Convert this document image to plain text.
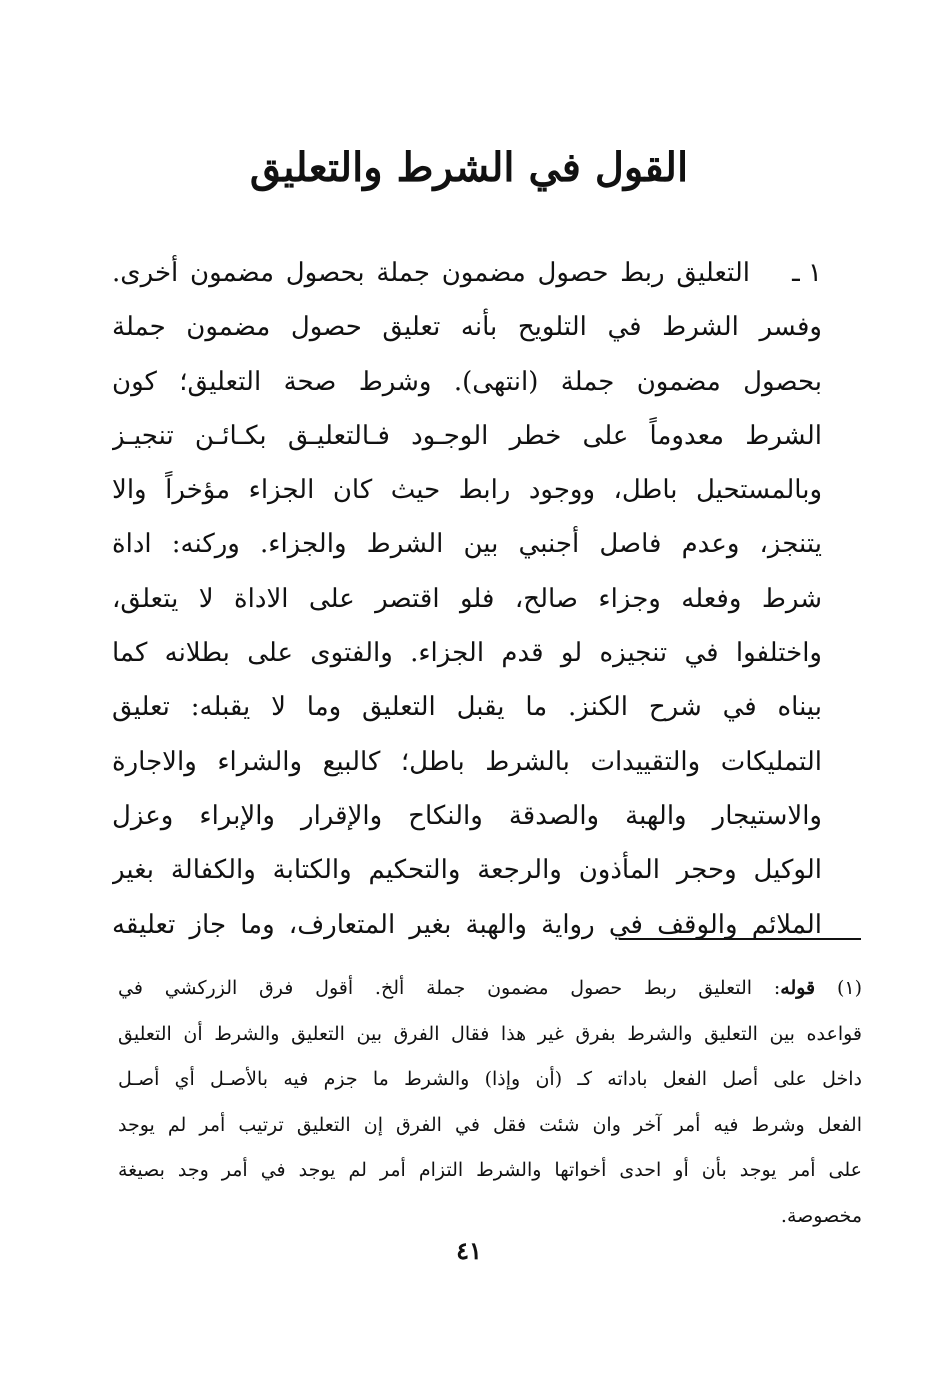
القول في الشرط والتعليق
١ ـ
التعليق ربط حصول مضمون جملة بحصول مضمون أخرى.
وفسر الشرط في التلويح بأنه تعليق حصول مضمون جملة
بحصول مضمون جملة (انتهى). وشرط صحة التعليق؛ كون
الشرط معدوماً على خطر الوجـود فـالتعليـق بكـائـن تنجيـز
وبالمستحيل باطل، ووجود رابط حيث كان الجزاء مؤخراً والا
يتنجز، وعدم فاصل أجنبي بين الشرط والجزاء. وركنه: اداة
شرط وفعله وجزاء صالح، فلو اقتصر على الاداة لا يتعلق،
واختلفوا في تنجيزه لو قدم الجزاء. والفتوى على بطلانه كما
بيناه في شرح الكنز. ما يقبل التعليق وما لا يقبله: تعليق
التمليكات والتقييدات بالشرط باطل؛ كالبيع والشراء والاجارة
والاستيجار والهبة والصدقة والنكاح والإقرار والإبراء وعزل
الوكيل وحجر المأذون والرجعة والتحكيم والكتابة والكفالة بغير
الملائم والوقف في رواية والهبة بغير المتعارف، وما جاز تعليقه
(١) قوله: التعليق ربط حصول مضمون جملة ألخ. أقول فرق الزركشي في
قواعده بين التعليق والشرط بفرق غير هذا فقال الفرق بين التعليق والشرط أن التعليق
داخل على أصل الفعل باداته كـ (أن وإذا) والشرط ما جزم فيه بالأصـل أي أصـل
الفعل وشرط فيه أمر آخر وان شئت فقل في الفرق إن التعليق ترتيب أمر لم يوجد
على أمر يوجد بأن أو احدى أخواتها والشرط التزام أمر لم يوجد في أمر وجد بصيغة
مخصوصة.
٤١
